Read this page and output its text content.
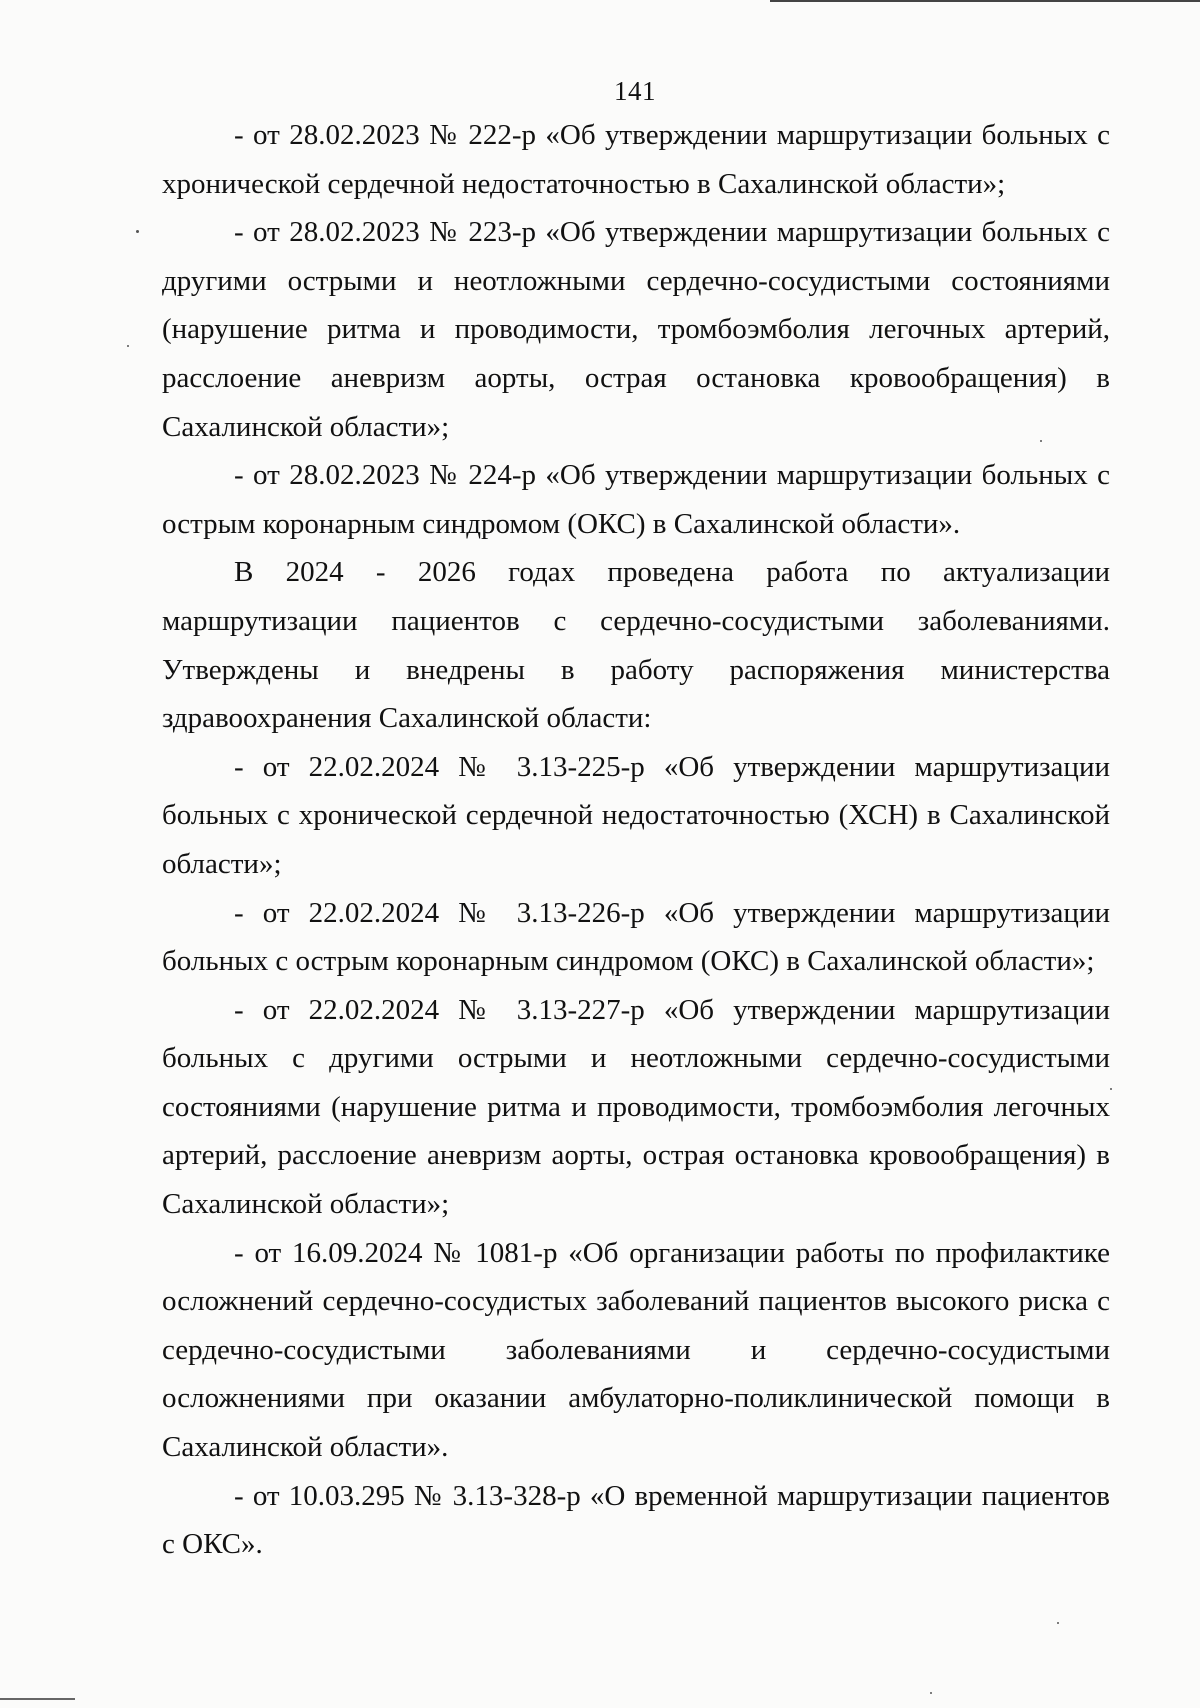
141

- от 28.02.2023 № 222-р «Об утверждении маршрутизации больных с хронической сердечной недостаточностью в Сахалинской области»;

- от 28.02.2023 № 223-р «Об утверждении маршрутизации больных с другими острыми и неотложными сердечно-сосудистыми состояниями (нарушение ритма и проводимости, тромбоэмболия легочных артерий, расслоение аневризм аорты, острая остановка кровообращения) в Сахалинской области»;

- от 28.02.2023 № 224-р «Об утверждении маршрутизации больных с острым коронарным синдромом (ОКС) в Сахалинской области».

В 2024 - 2026 годах проведена работа по актуализации маршрутизации пациентов с сердечно-сосудистыми заболеваниями. Утверждены и внедрены в работу распоряжения министерства здравоохранения Сахалинской области:

- от 22.02.2024 № 3.13-225-р «Об утверждении маршрутизации больных с хронической сердечной недостаточностью (ХСН) в Сахалинской области»;

- от 22.02.2024 № 3.13-226-р «Об утверждении маршрутизации больных с острым коронарным синдромом (ОКС) в Сахалинской области»;

- от 22.02.2024 № 3.13-227-р «Об утверждении маршрутизации больных с другими острыми и неотложными сердечно-сосудистыми состояниями (нарушение ритма и проводимости, тромбоэмболия легочных артерий, расслоение аневризм аорты, острая остановка кровообращения) в Сахалинской области»;

- от 16.09.2024 № 1081-р «Об организации работы по профилактике осложнений сердечно-сосудистых заболеваний пациентов высокого риска с сердечно-сосудистыми заболеваниями и сердечно-сосудистыми осложнениями при оказании амбулаторно-поликлинической помощи в Сахалинской области».

- от 10.03.295 № 3.13-328-р «О временной маршрутизации пациентов с ОКС».
